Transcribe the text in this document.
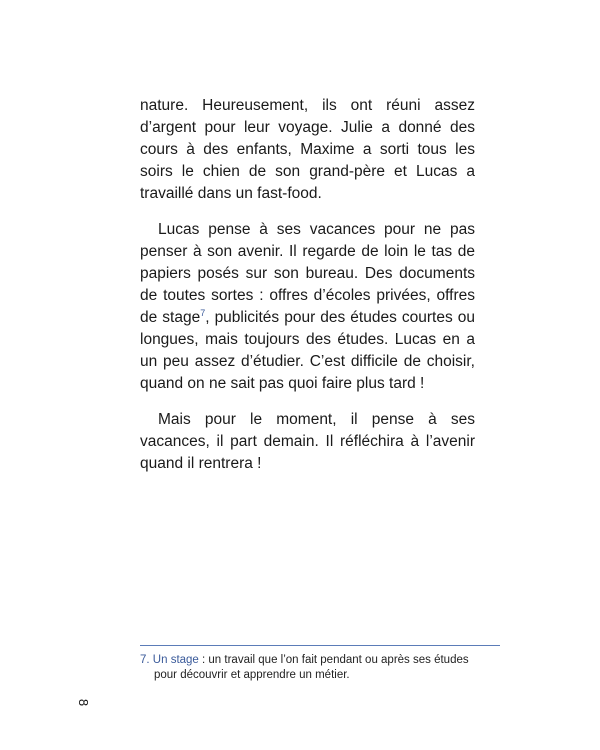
nature. Heureusement, ils ont réuni assez d’argent pour leur voyage. Julie a donné des cours à des enfants, Maxime a sorti tous les soirs le chien de son grand-père et Lucas a travaillé dans un fast-food.

Lucas pense à ses vacances pour ne pas penser à son avenir. Il regarde de loin le tas de papiers posés sur son bureau. Des documents de toutes sortes : offres d’écoles privées, offres de stage$^7$, publicités pour des études courtes ou longues, mais toujours des études. Lucas en a un peu assez d’étudier. C’est difficile de choisir, quand on ne sait pas quoi faire plus tard !

Mais pour le moment, il pense à ses vacances, il part demain. Il réfléchira à l’avenir quand il rentrera !

7. Un stage : un travail que l’on fait pendant ou après ses études
pour découvrir et apprendre un métier.
8
